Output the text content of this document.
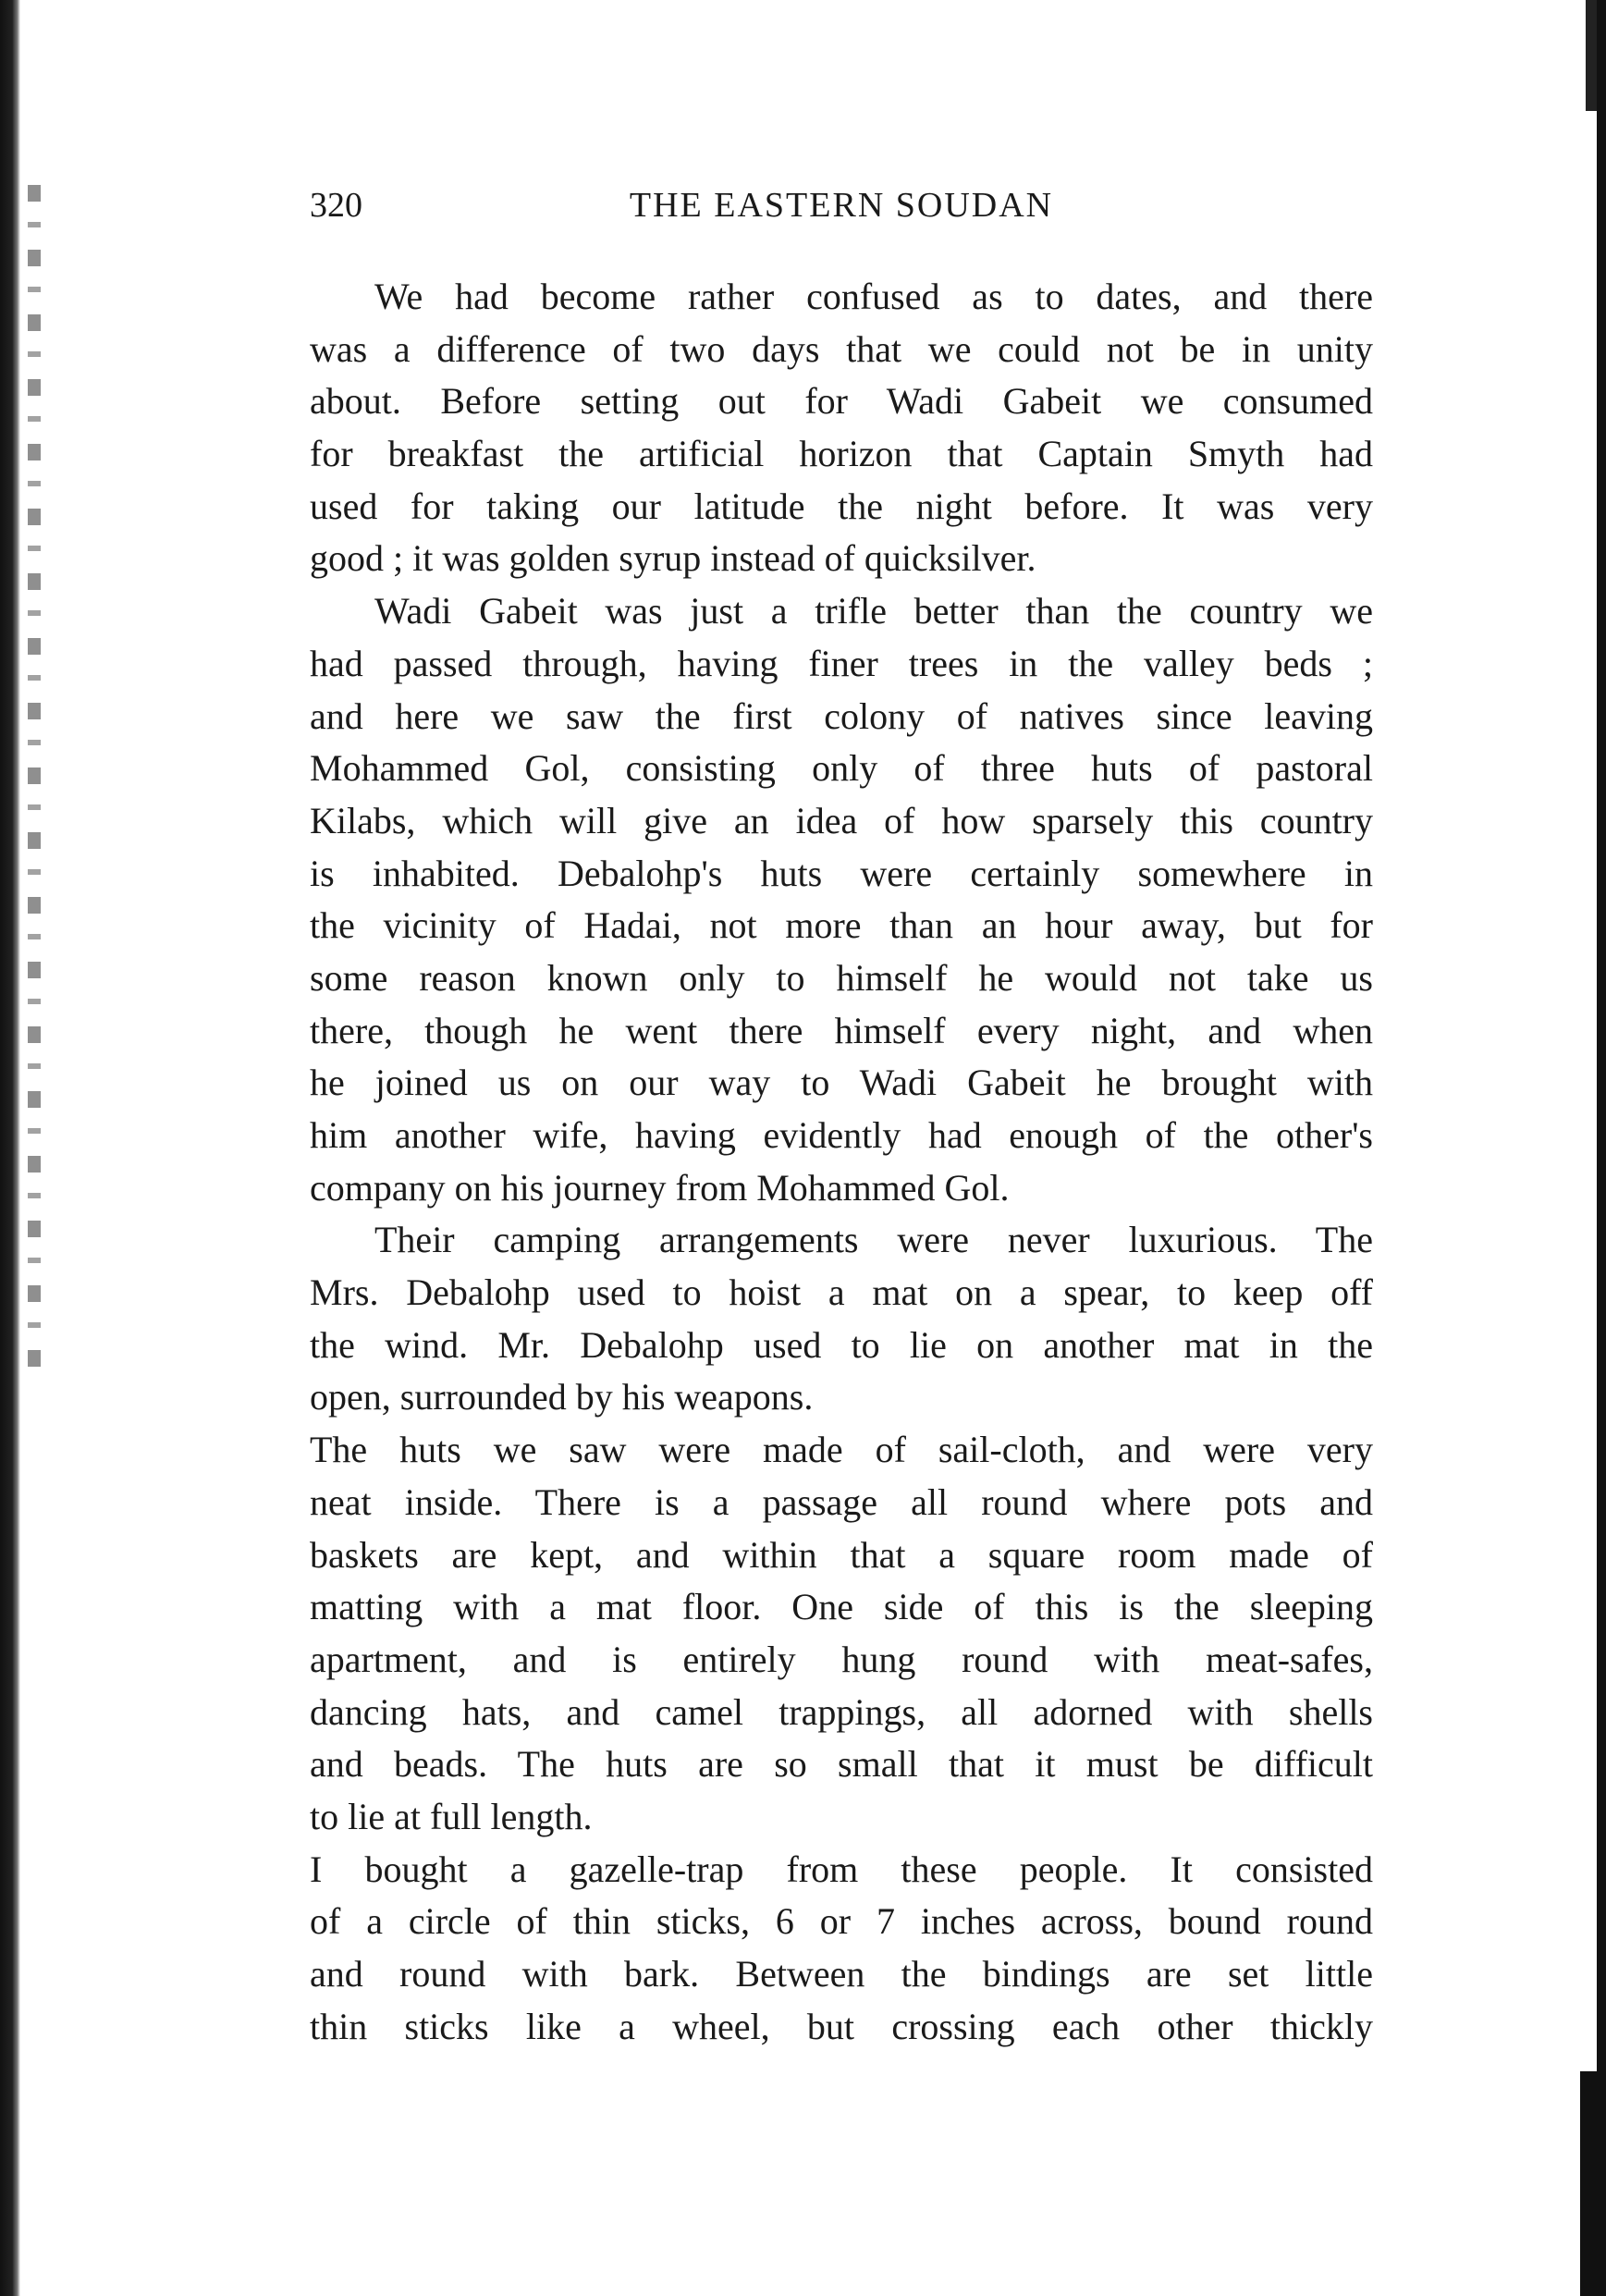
320	THE EASTERN SOUDAN
We had become rather confused as to dates, and there
was a difference of two days that we could not be in unity
about. Before setting out for Wadi Gabeit we consumed
for breakfast the artificial horizon that Captain Smyth had
used for taking our latitude the night before. It was very
good ; it was golden syrup instead of quicksilver.
Wadi Gabeit was just a trifle better than the country we
had passed through, having finer trees in the valley beds ;
and here we saw the first colony of natives since leaving
Mohammed Gol, consisting only of three huts of pastoral
Kilabs, which will give an idea of how sparsely this country
is inhabited. Debalohp's huts were certainly somewhere in
the vicinity of Hadai, not more than an hour away, but for
some reason known only to himself he would not take us
there, though he went there himself every night, and when
he joined us on our way to Wadi Gabeit he brought with
him another wife, having evidently had enough of the other's
company on his journey from Mohammed Gol.
Their camping arrangements were never luxurious. The
Mrs. Debalohp used to hoist a mat on a spear, to keep off
the wind. Mr. Debalohp used to lie on another mat in the
open, surrounded by his weapons.
The huts we saw were made of sail-cloth, and were very
neat inside. There is a passage all round where pots and
baskets are kept, and within that a square room made of
matting with a mat floor. One side of this is the sleeping
apartment, and is entirely hung round with meat-safes,
dancing hats, and camel trappings, all adorned with shells
and beads. The huts are so small that it must be difficult
to lie at full length.
I bought a gazelle-trap from these people. It consisted
of a circle of thin sticks, 6 or 7 inches across, bound round
and round with bark. Between the bindings are set little
thin sticks like a wheel, but crossing each other thickly
